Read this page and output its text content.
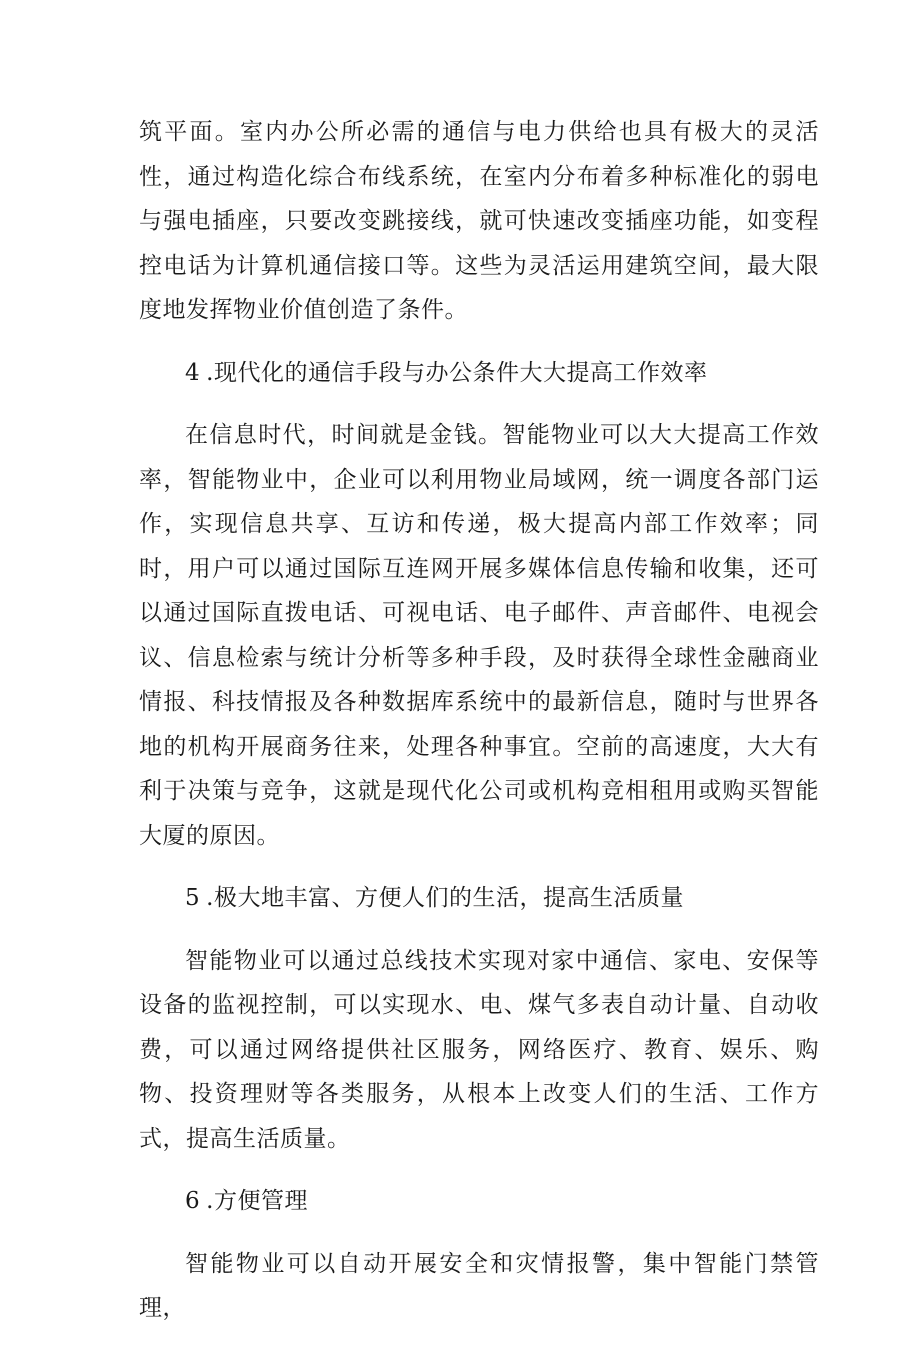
筑平面。室内办公所必需的通信与电力供给也具有极大的灵活性，通过构造化综合布线系统，在室内分布着多种标准化的弱电与强电插座，只要改变跳接线，就可快速改变插座功能，如变程控电话为计算机通信接口等。这些为灵活运用建筑空间，最大限度地发挥物业价值创造了条件。

4 .现代化的通信手段与办公条件大大提高工作效率

在信息时代，时间就是金钱。智能物业可以大大提高工作效率，智能物业中，企业可以利用物业局域网，统一调度各部门运作，实现信息共享、互访和传递，极大提高内部工作效率；同时，用户可以通过国际互连网开展多媒体信息传输和收集，还可以通过国际直拨电话、可视电话、电子邮件、声音邮件、电视会议、信息检索与统计分析等多种手段，及时获得全球性金融商业情报、科技情报及各种数据库系统中的最新信息，随时与世界各地的机构开展商务往来，处理各种事宜。空前的高速度，大大有利于决策与竞争，这就是现代化公司或机构竞相租用或购买智能大厦的原因。

5 .极大地丰富、方便人们的生活，提高生活质量

智能物业可以通过总线技术实现对家中通信、家电、安保等设备的监视控制，可以实现水、电、煤气多表自动计量、自动收费，可以通过网络提供社区服务，网络医疗、教育、娱乐、购物、投资理财等各类服务，从根本上改变人们的生活、工作方式，提高生活质量。

6 .方便管理

智能物业可以自动开展安全和灾情报警，集中智能门禁管理，
